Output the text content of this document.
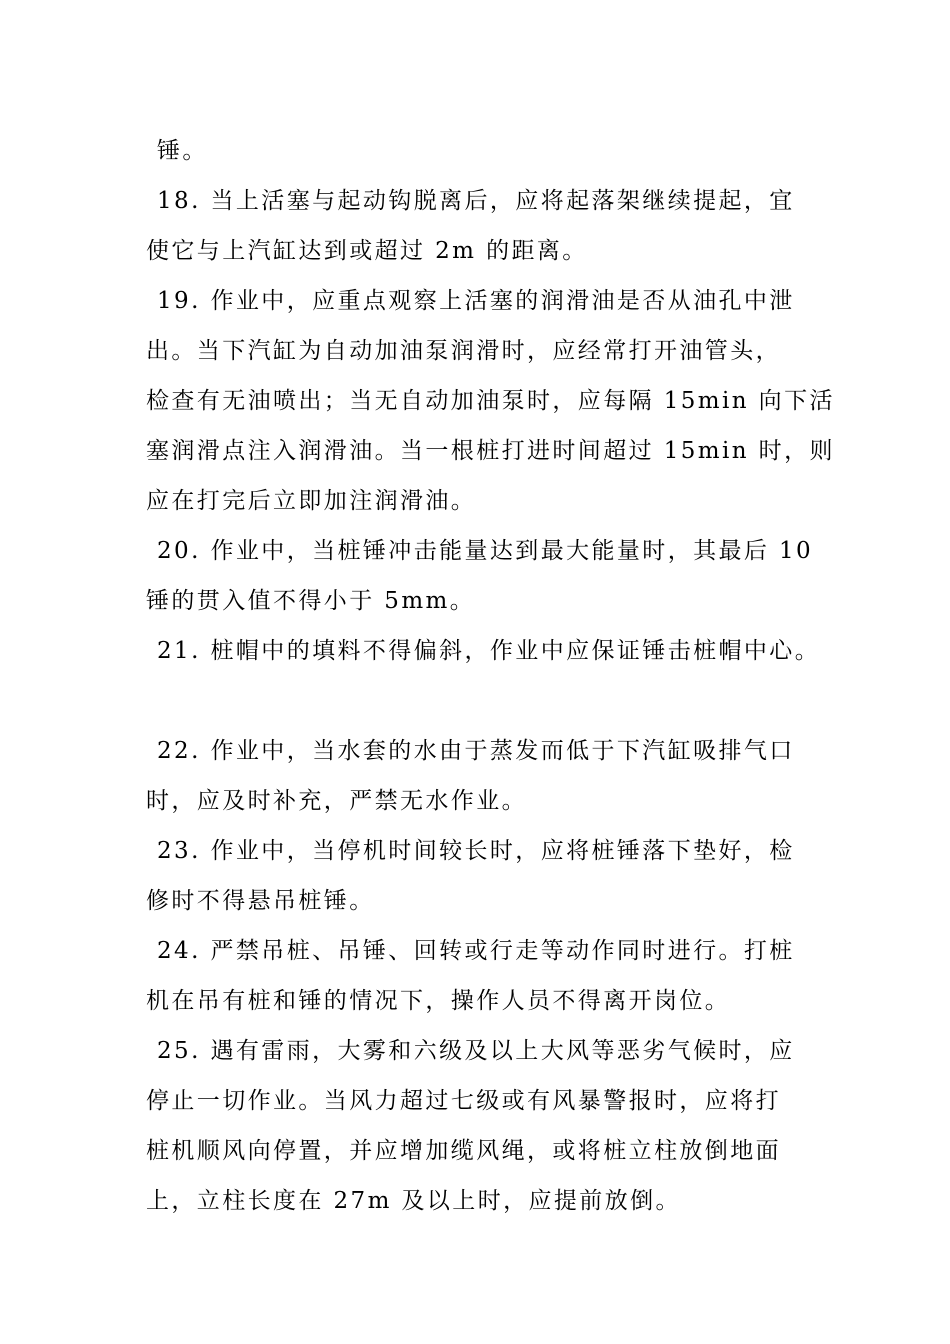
锤。
18. 当上活塞与起动钩脱离后，应将起落架继续提起，宜
使它与上汽缸达到或超过 2m 的距离。
19. 作业中，应重点观察上活塞的润滑油是否从油孔中泄
出。当下汽缸为自动加油泵润滑时，应经常打开油管头，
检查有无油喷出；当无自动加油泵时，应每隔 15min 向下活
塞润滑点注入润滑油。当一根桩打进时间超过 15min 时，则
应在打完后立即加注润滑油。
20. 作业中，当桩锤冲击能量达到最大能量时，其最后 10
锤的贯入值不得小于 5mm。
21. 桩帽中的填料不得偏斜，作业中应保证锤击桩帽中心。
22. 作业中，当水套的水由于蒸发而低于下汽缸吸排气口
时，应及时补充，严禁无水作业。
23. 作业中，当停机时间较长时，应将桩锤落下垫好，检
修时不得悬吊桩锤。
24. 严禁吊桩、吊锤、回转或行走等动作同时进行。打桩
机在吊有桩和锤的情况下，操作人员不得离开岗位。
25. 遇有雷雨，大雾和六级及以上大风等恶劣气候时，应
停止一切作业。当风力超过七级或有风暴警报时，应将打
桩机顺风向停置，并应增加缆风绳，或将桩立柱放倒地面
上，立柱长度在 27m 及以上时，应提前放倒。
